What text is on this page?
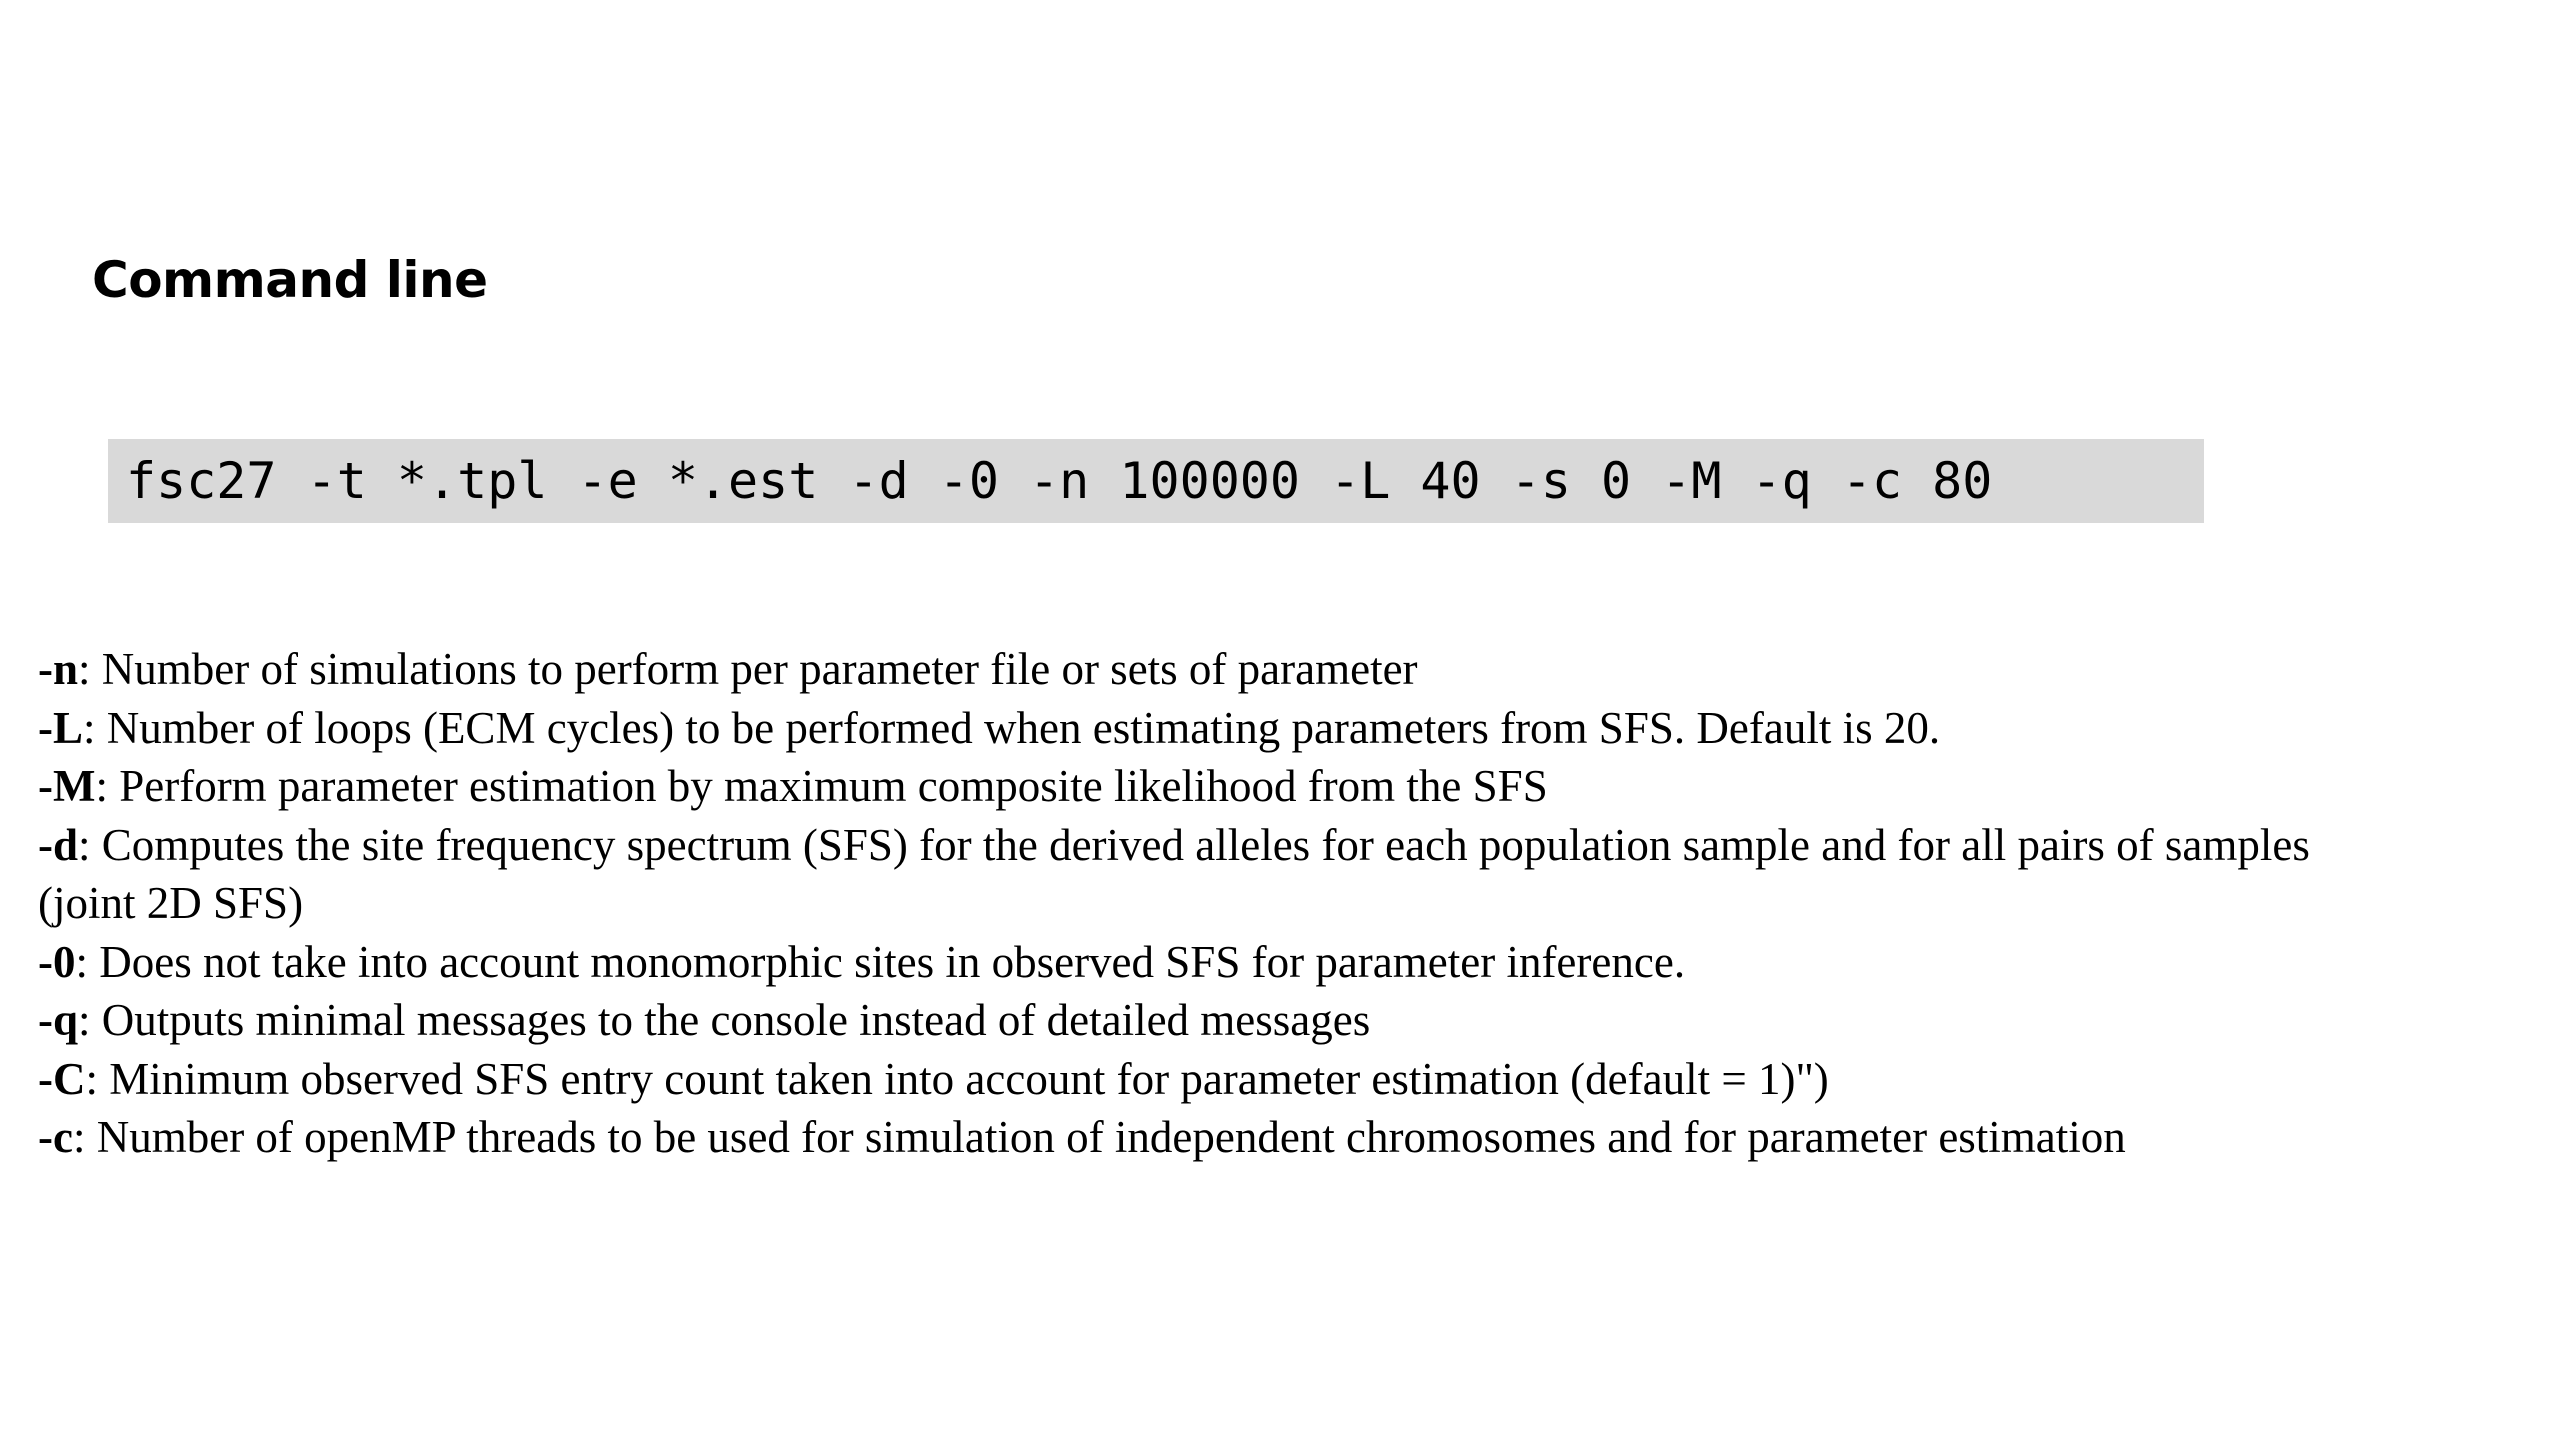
Command line
fsc27 -t *.tpl -e *.est -d -0 -n 100000 -L 40 -s 0 -M -q -c 80
-n: Number of simulations to perform per parameter file or sets of parameter
-L: Number of loops (ECM cycles) to be performed when estimating parameters from SFS. Default is 20.
-M: Perform parameter estimation by maximum composite likelihood from the SFS
-d: Computes the site frequency spectrum (SFS) for the derived alleles for each population sample and for all pairs of samples (joint 2D SFS)
-0: Does not take into account monomorphic sites in observed SFS for parameter inference.
-q: Outputs minimal messages to the console instead of detailed messages
-C: Minimum observed SFS entry count taken into account for parameter estimation (default = 1)")
-c: Number of openMP threads to be used for simulation of independent chromosomes and for parameter estimation
